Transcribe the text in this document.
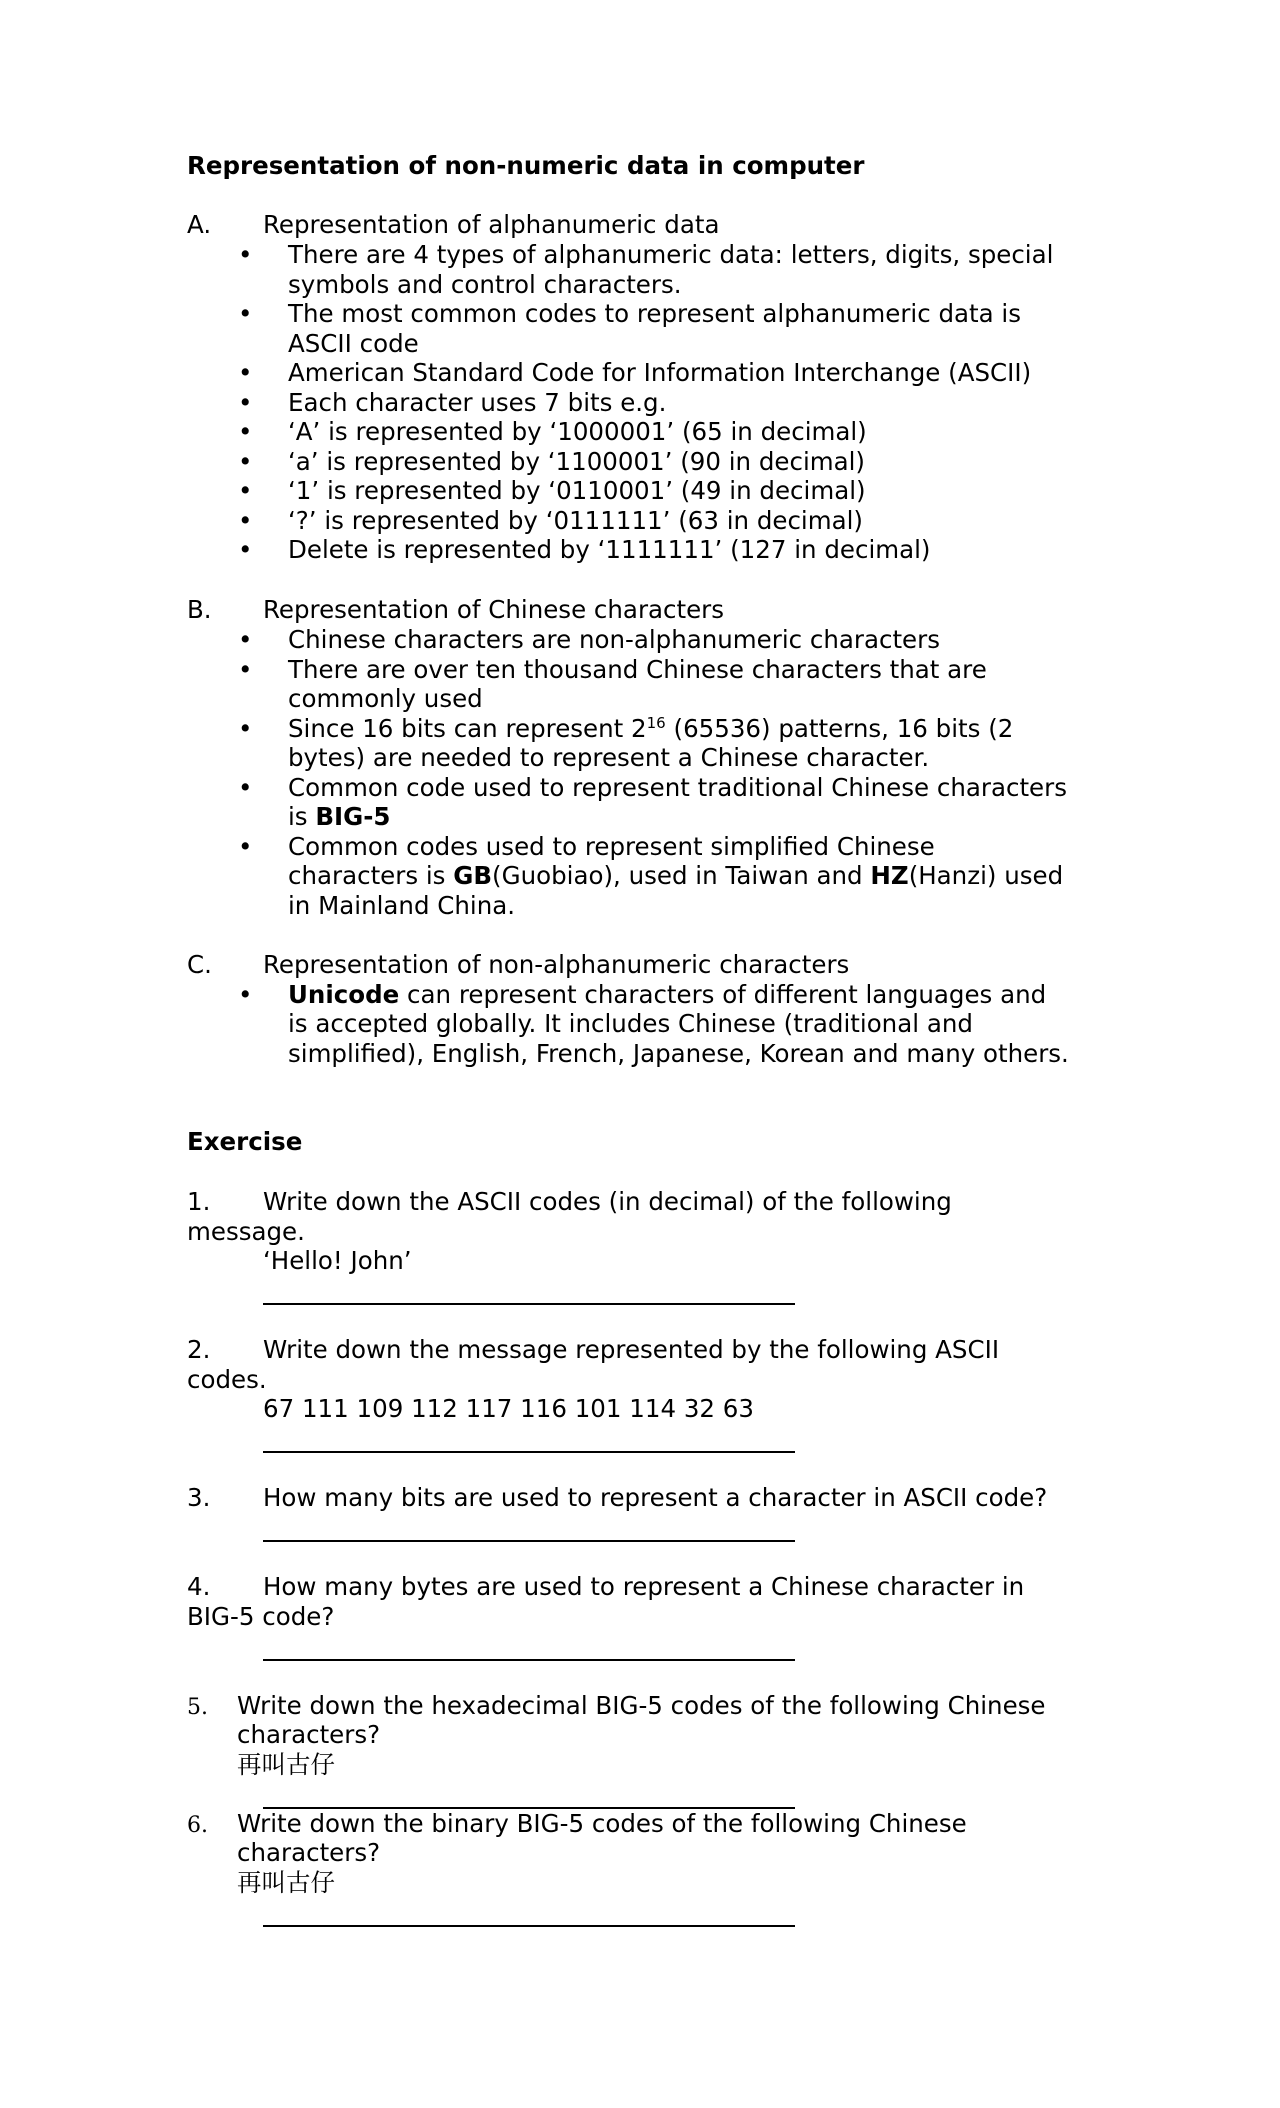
Representation of non-numeric data in computer
A. Representation of alphanumeric data
• There are 4 types of alphanumeric data: letters, digits, special
symbols and control characters.
• The most common codes to represent alphanumeric data is
ASCII code
• American Standard Code for Information Interchange (ASCII)
• Each character uses 7 bits e.g.
• ‘A’ is represented by ‘1000001’ (65 in decimal)
• ‘a’ is represented by ‘1100001’ (90 in decimal)
• ‘1’ is represented by ‘0110001’ (49 in decimal)
• ‘?’ is represented by ‘0111111’ (63 in decimal)
• Delete is represented by ‘1111111’ (127 in decimal)
B. Representation of Chinese characters
• Chinese characters are non-alphanumeric characters
• There are over ten thousand Chinese characters that are
commonly used
• Since 16 bits can represent $2^{16}$ (65536) patterns, 16 bits (2
bytes) are needed to represent a Chinese character.
• Common code used to represent traditional Chinese characters
is BIG-5
• Common codes used to represent simplified Chinese
characters is GB(Guobiao), used in Taiwan and HZ(Hanzi) used
in Mainland China.
C. Representation of non-alphanumeric characters
• Unicode can represent characters of different languages and
is accepted globally. It includes Chinese (traditional and
simplified), English, French, Japanese, Korean and many others.
Exercise
1. Write down the ASCII codes (in decimal) of the following
message.
‘Hello! John’
2. Write down the message represented by the following ASCII
codes.
67 111 109 112 117 116 101 114 32 63
3. How many bits are used to represent a character in ASCII code?
4. How many bytes are used to represent a Chinese character in
BIG-5 code?
5. Write down the hexadecimal BIG-5 codes of the following Chinese
characters?
再叫古仔
6. Write down the binary BIG-5 codes of the following Chinese
characters?
再叫古仔
